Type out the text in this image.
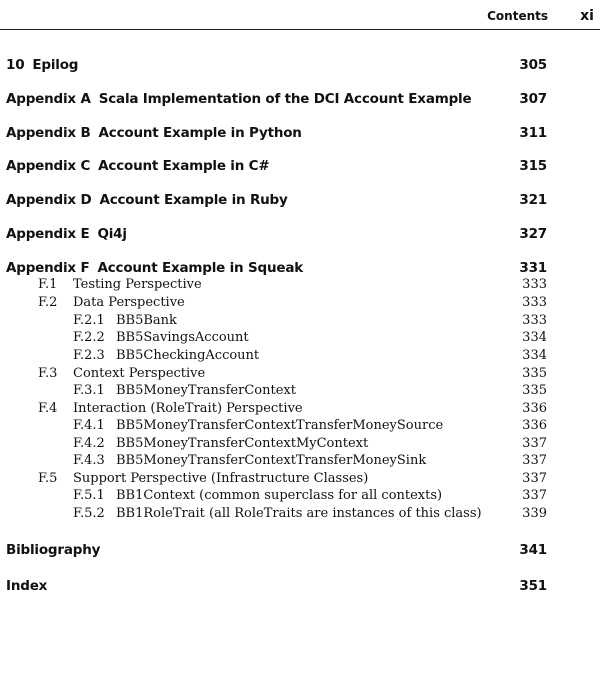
Contents xi
10 Epilog	305
Appendix A Scala Implementation of the DCI Account Example	307
Appendix B Account Example in Python	311
Appendix C Account Example in C#	315
Appendix D Account Example in Ruby	321
Appendix E Qi4j	327
Appendix F Account Example in Squeak	331
F.1 Testing Perspective	333
F.2 Data Perspective	333
F.2.1 BB5Bank	333
F.2.2 BB5SavingsAccount	334
F.2.3 BB5CheckingAccount	334
F.3 Context Perspective	335
F.3.1 BB5MoneyTransferContext	335
F.4 Interaction (RoleTrait) Perspective	336
F.4.1 BB5MoneyTransferContextTransferMoneySource	336
F.4.2 BB5MoneyTransferContextMyContext	337
F.4.3 BB5MoneyTransferContextTransferMoneySink	337
F.5 Support Perspective (Infrastructure Classes)	337
F.5.1 BB1Context (common superclass for all contexts)	337
F.5.2 BB1RoleTrait (all RoleTraits are instances of this class)	339
Bibliography	341
Index	351
